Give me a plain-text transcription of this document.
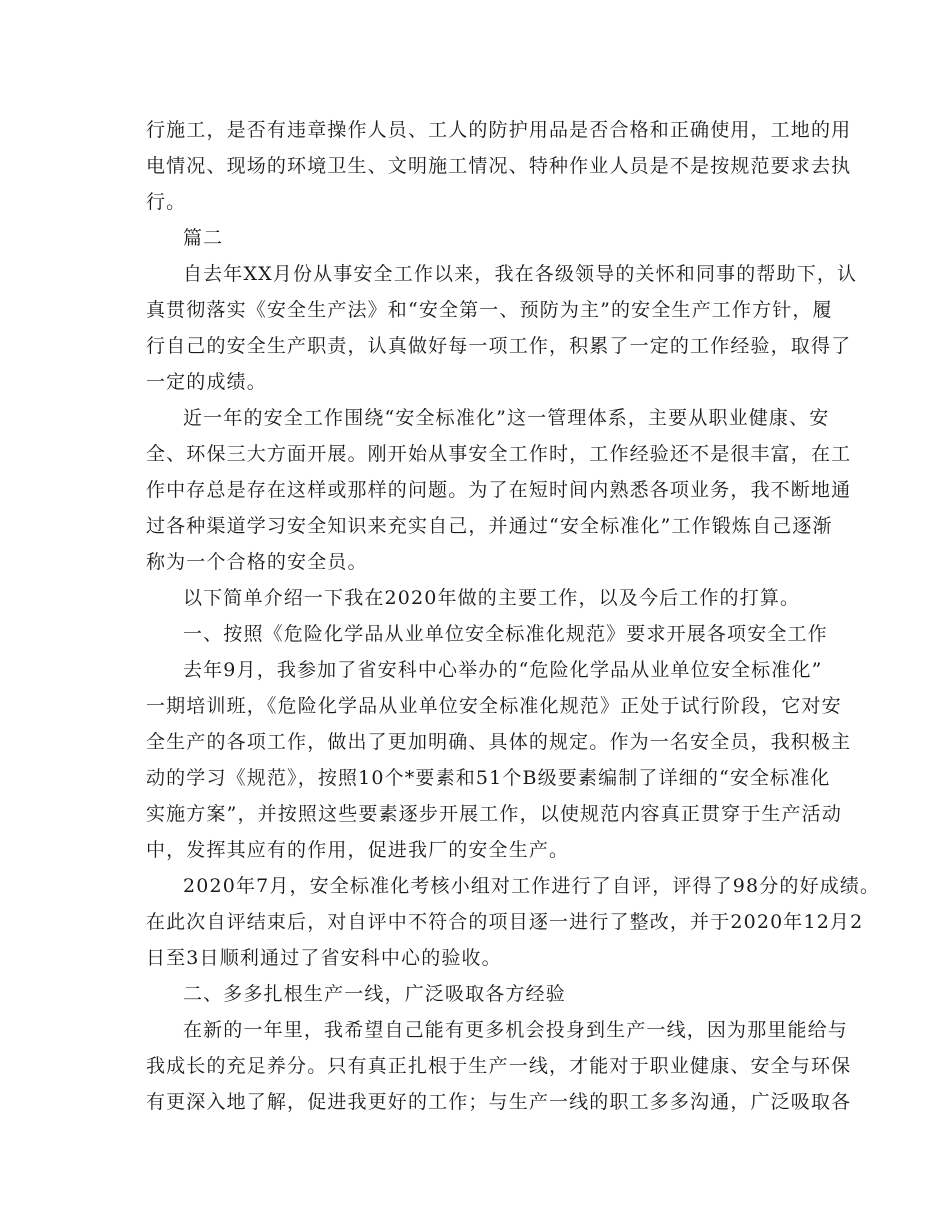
行施工，是否有违章操作人员、工人的防护用品是否合格和正确使用，工地的用
电情况、现场的环境卫生、文明施工情况、特种作业人员是不是按规范要求去执
行。
篇二
自去年XX月份从事安全工作以来，我在各级领导的关怀和同事的帮助下，认
真贯彻落实《安全生产法》和“安全第一、预防为主”的安全生产工作方针，履
行自己的安全生产职责，认真做好每一项工作，积累了一定的工作经验，取得了
一定的成绩。
近一年的安全工作围绕“安全标准化”这一管理体系，主要从职业健康、安
全、环保三大方面开展。刚开始从事安全工作时，工作经验还不是很丰富，在工
作中存总是存在这样或那样的问题。为了在短时间内熟悉各项业务，我不断地通
过各种渠道学习安全知识来充实自己，并通过“安全标准化”工作锻炼自己逐渐
称为一个合格的安全员。
以下简单介绍一下我在2020年做的主要工作，以及今后工作的打算。
一、按照《危险化学品从业单位安全标准化规范》要求开展各项安全工作
去年9月，我参加了省安科中心举办的“危险化学品从业单位安全标准化”
一期培训班，《危险化学品从业单位安全标准化规范》正处于试行阶段，它对安
全生产的各项工作，做出了更加明确、具体的规定。作为一名安全员，我积极主
动的学习《规范》，按照10个*要素和51个B级要素编制了详细的“安全标准化
实施方案”，并按照这些要素逐步开展工作，以使规范内容真正贯穿于生产活动
中，发挥其应有的作用，促进我厂的安全生产。
2020年7月，安全标准化考核小组对工作进行了自评，评得了98分的好成绩。
在此次自评结束后，对自评中不符合的项目逐一进行了整改，并于2020年12月2
日至3日顺利通过了省安科中心的验收。
二、多多扎根生产一线，广泛吸取各方经验
在新的一年里，我希望自己能有更多机会投身到生产一线，因为那里能给与
我成长的充足养分。只有真正扎根于生产一线，才能对于职业健康、安全与环保
有更深入地了解，促进我更好的工作；与生产一线的职工多多沟通，广泛吸取各
